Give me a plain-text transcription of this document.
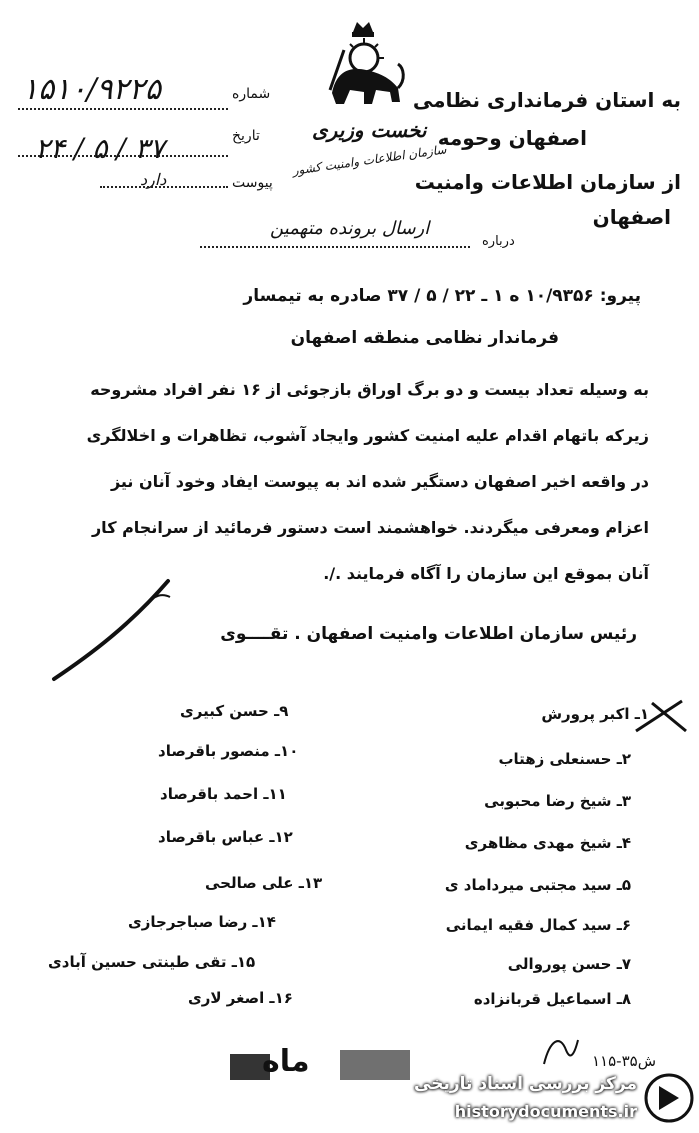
نخست وزیری
سازمان اطلاعات وامنیت کشور
۱۵۱۰/۹۲۲۵	شماره
۲۴ / ۵ / ۳۷	تاریخ
دارد	پیوست
به استان فرمانداری نظامی
اصفهان وحومه
از سازمان اطلاعات وامنیت
اصفهان
ارسال برونده متهمین
درباره
پیرو: ۱۰/۹۳۵۶ ه ۱ ـ ۲۲ / ۵ / ۳۷ صادره به تیمسار
فرماندار نظامی منطقه اصفهان
به ‌وسیله تعداد بیست و دو برگ اوراق بازجوئی از ۱۶ نفر افراد مشروحه
زیرکه باتهام اقدام علیه امنیت کشور وایجاد آشوب، تظاهرات و اخلالگری
در واقعه اخیر اصفهان دستگیر شده اند به پیوست ایفاد وخود آنان نیز
اعزام ومعرفی میگردند. خواهشمند است دستور فرمائید از سرانجام کار
آنان بموقع این سازمان را آگاه فرمایند ./.
رئیس سازمان اطلاعات وامنیت اصفهان . تقــــوی
۱ـ اکبر پرورش
۲ـ حسنعلی زهتاب
۳ـ شیخ رضا محبوبی
۴ـ شیخ مهدی مظاهری
۵ـ سید مجتبی میرداماد ی
۶ـ سید کمال فقیه ایمانی
۷ـ حسن پوروالی
۸ـ اسماعیل قربانزاده
۹ـ حسن کبیری
۱۰ـ منصور باقرصاد
۱۱ـ احمد باقرصاد
۱۲ـ عباس باقرصاد
۱۳ـ علی صالحی
۱۴ـ رضا صباجرجازی
۱۵ـ تقی طینتی حسین آبادی
۱۶ـ اصغر لاری
ماه	۱۱۵-۳۵ش
مرکز بررسی اسناد تاریخی
historydocuments.ir
